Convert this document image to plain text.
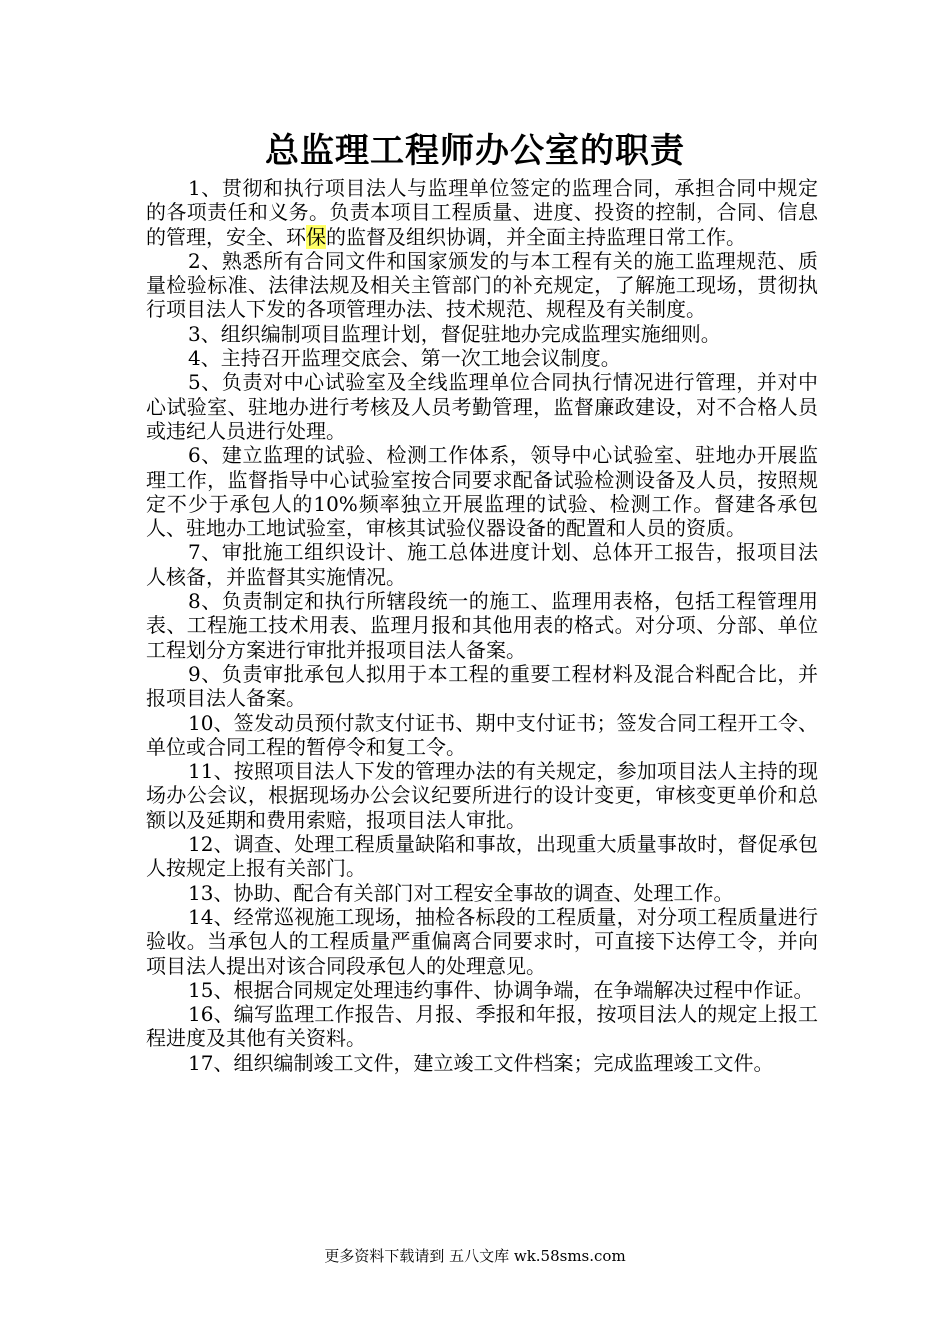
总监理工程师办公室的职责

1、贯彻和执行项目法人与监理单位签定的监理合同，承担合同中规定的各项责任和义务。负责本项目工程质量、进度、投资的控制，合同、信息的管理，安全、环保的监督及组织协调，并全面主持监理日常工作。

2、熟悉所有合同文件和国家颁发的与本工程有关的施工监理规范、质量检验标准、法律法规及相关主管部门的补充规定，了解施工现场，贯彻执行项目法人下发的各项管理办法、技术规范、规程及有关制度。

3、组织编制项目监理计划，督促驻地办完成监理实施细则。

4、主持召开监理交底会、第一次工地会议制度。

5、负责对中心试验室及全线监理单位合同执行情况进行管理，并对中心试验室、驻地办进行考核及人员考勤管理，监督廉政建设，对不合格人员或违纪人员进行处理。

6、建立监理的试验、检测工作体系，领导中心试验室、驻地办开展监理工作，监督指导中心试验室按合同要求配备试验检测设备及人员，按照规定不少于承包人的10%频率独立开展监理的试验、检测工作。督建各承包人、驻地办工地试验室，审核其试验仪器设备的配置和人员的资质。

7、审批施工组织设计、施工总体进度计划、总体开工报告，报项目法人核备，并监督其实施情况。

8、负责制定和执行所辖段统一的施工、监理用表格，包括工程管理用表、工程施工技术用表、监理月报和其他用表的格式。对分项、分部、单位工程划分方案进行审批并报项目法人备案。

9、负责审批承包人拟用于本工程的重要工程材料及混合料配合比，并报项目法人备案。

10、签发动员预付款支付证书、期中支付证书；签发合同工程开工令、单位或合同工程的暂停令和复工令。

11、按照项目法人下发的管理办法的有关规定，参加项目法人主持的现场办公会议，根据现场办公会议纪要所进行的设计变更，审核变更单价和总额以及延期和费用索赔，报项目法人审批。

12、调查、处理工程质量缺陷和事故，出现重大质量事故时，督促承包人按规定上报有关部门。

13、协助、配合有关部门对工程安全事故的调查、处理工作。

14、经常巡视施工现场，抽检各标段的工程质量，对分项工程质量进行验收。当承包人的工程质量严重偏离合同要求时，可直接下达停工令，并向项目法人提出对该合同段承包人的处理意见。

15、根据合同规定处理违约事件、协调争端，在争端解决过程中作证。

16、编写监理工作报告、月报、季报和年报，按项目法人的规定上报工程进度及其他有关资料。

17、组织编制竣工文件，建立竣工文件档案；完成监理竣工文件。

更多资料下载请到 五八文库 wk.58sms.com
